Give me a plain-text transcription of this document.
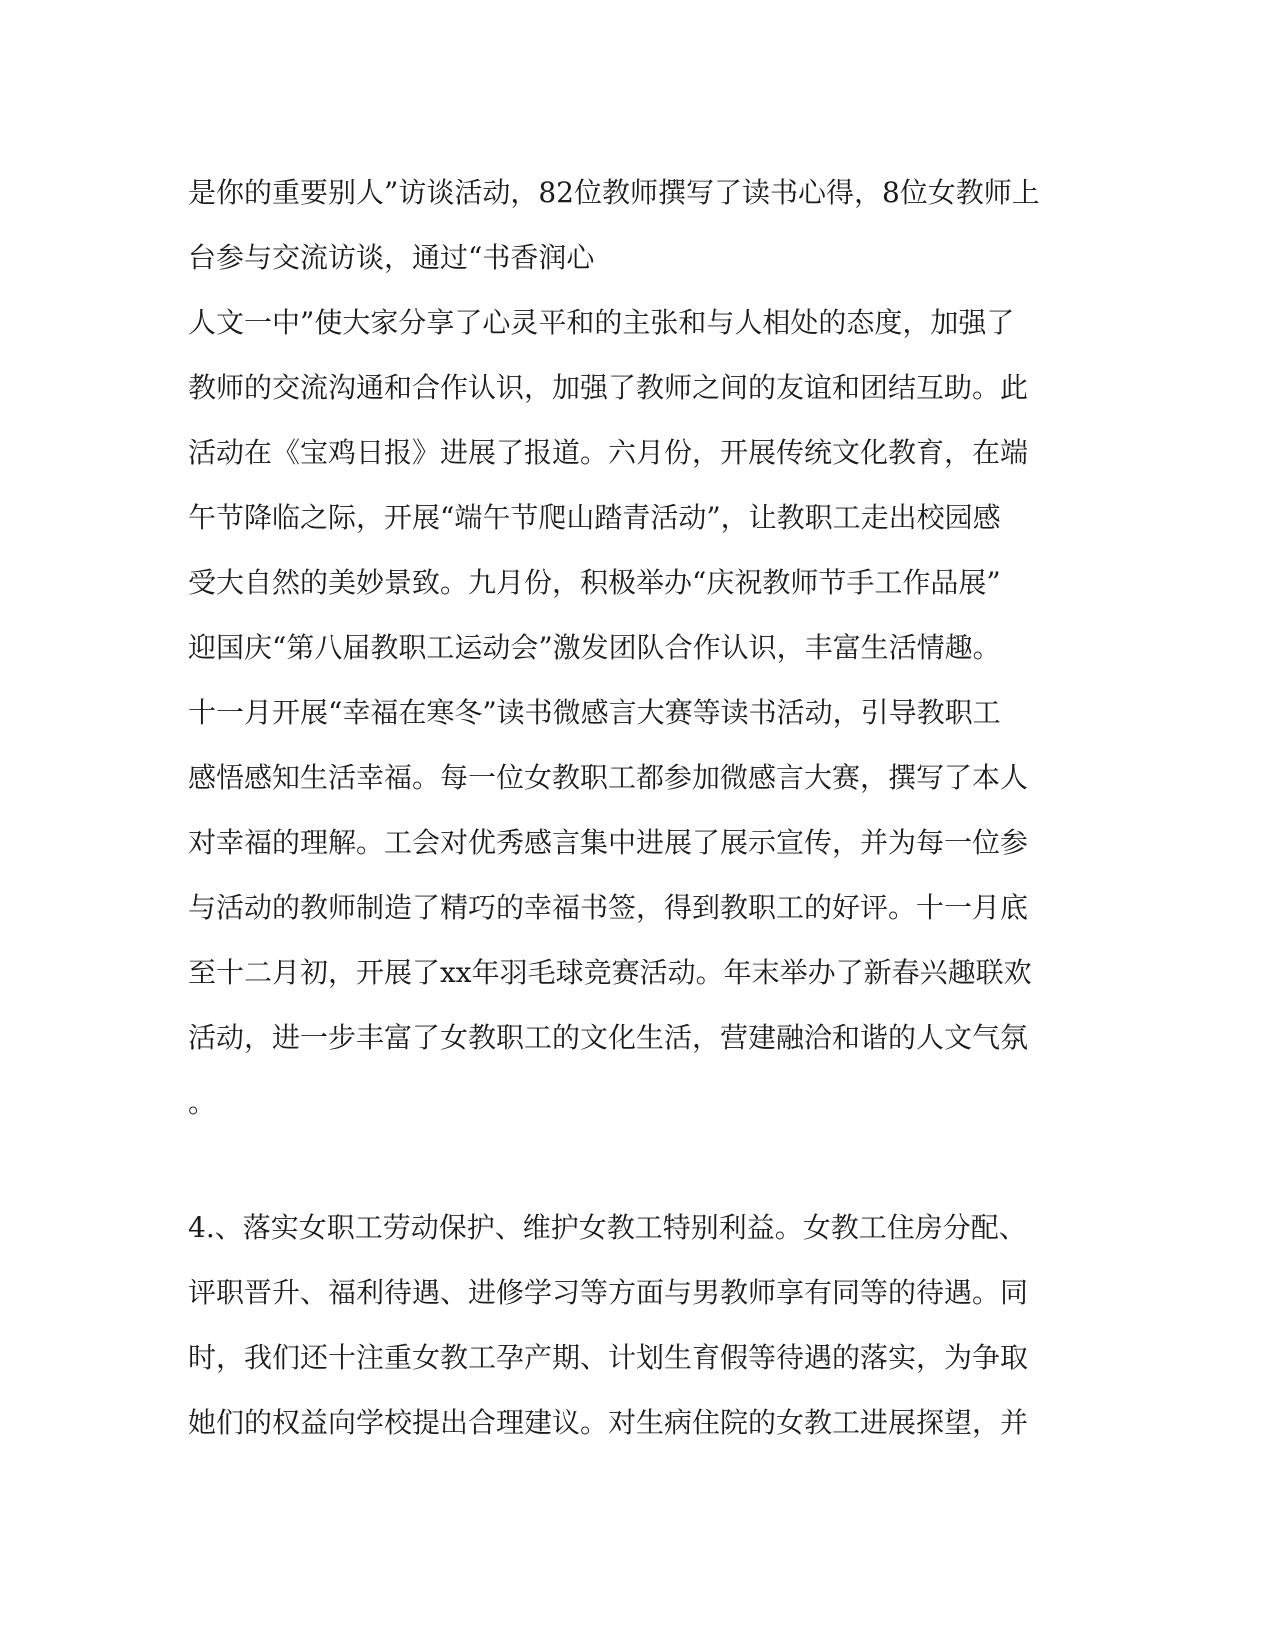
是你的重要别人”访谈活动，82位教师撰写了读书心得，8位女教师上
台参与交流访谈，通过“书香润心
人文一中”使大家分享了心灵平和的主张和与人相处的态度，加强了
教师的交流沟通和合作认识，加强了教师之间的友谊和团结互助。此
活动在《宝鸡日报》进展了报道。六月份，开展传统文化教育，在端
午节降临之际，开展“端午节爬山踏青活动”，让教职工走出校园感
受大自然的美妙景致。九月份，积极举办“庆祝教师节手工作品展”
迎国庆“第八届教职工运动会”激发团队合作认识，丰富生活情趣。
十一月开展“幸福在寒冬”读书微感言大赛等读书活动，引导教职工
感悟感知生活幸福。每一位女教职工都参加微感言大赛，撰写了本人
对幸福的理解。工会对优秀感言集中进展了展示宣传，并为每一位参
与活动的教师制造了精巧的幸福书签，得到教职工的好评。十一月底
至十二月初，开展了xx年羽毛球竞赛活动。年末举办了新春兴趣联欢
活动，进一步丰富了女教职工的文化生活，营建融洽和谐的人文气氛
。
4.、落实女职工劳动保护、维护女教工特别利益。女教工住房分配、
评职晋升、福利待遇、进修学习等方面与男教师享有同等的待遇。同
时，我们还十注重女教工孕产期、计划生育假等待遇的落实，为争取
她们的权益向学校提出合理建议。对生病住院的女教工进展探望，并
